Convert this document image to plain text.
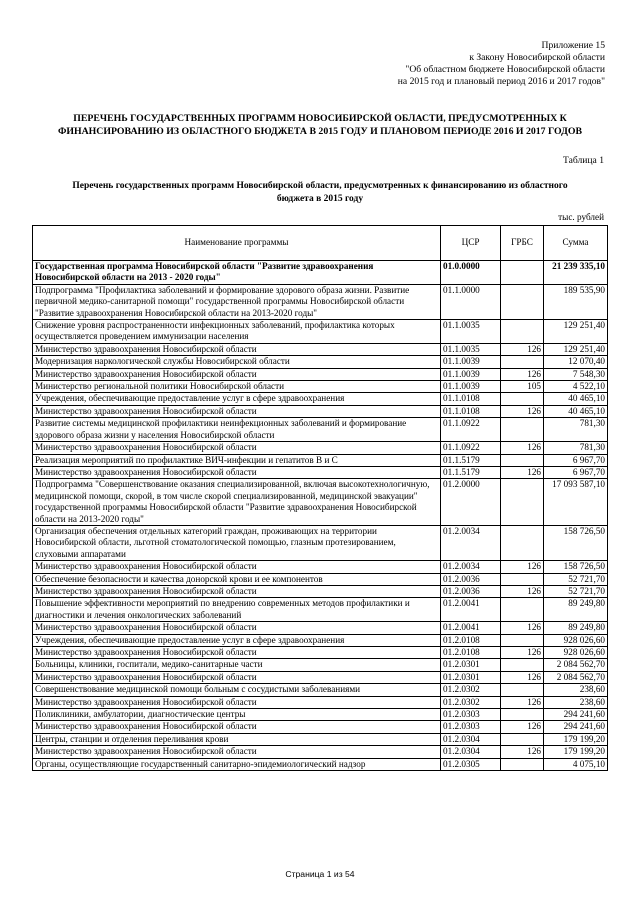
Приложение 15
к Закону Новосибирской области
"Об областном бюджете Новосибирской области
на 2015 год и плановый период 2016 и 2017 годов"
ПЕРЕЧЕНЬ ГОСУДАРСТВЕННЫХ ПРОГРАММ НОВОСИБИРСКОЙ ОБЛАСТИ, ПРЕДУСМОТРЕННЫХ К
ФИНАНСИРОВАНИЮ ИЗ ОБЛАСТНОГО БЮДЖЕТА В 2015 ГОДУ И ПЛАНОВОМ ПЕРИОДЕ 2016 И 2017 ГОДОВ
Таблица 1
Перечень государственных программ Новосибирской области, предусмотренных к финансированию из областного
бюджета в 2015 году
тыс. рублей
Наименование программы	ЦСР	ГРБС	Сумма
Государственная программа Новосибирской области "Развитие здравоохранения Новосибирской области на 2013 - 2020 годы"	01.0.0000		21 239 335,10
Подпрограмма "Профилактика заболеваний и формирование здорового образа жизни. Развитие первичной медико-санитарной помощи" государственной программы Новосибирской области "Развитие здравоохранения Новосибирской области на 2013-2020 годы"	01.1.0000		189 535,90
Снижение уровня распространенности инфекционных заболеваний, профилактика которых осуществляется проведением иммунизации населения	01.1.0035		129 251,40
Министерство здравоохранения Новосибирской области	01.1.0035	126	129 251,40
Модернизация наркологической службы Новосибирской области	01.1.0039		12 070,40
Министерство здравоохранения Новосибирской области	01.1.0039	126	7 548,30
Министерство региональной политики Новосибирской области	01.1.0039	105	4 522,10
Учреждения, обеспечивающие предоставление услуг в сфере здравоохранения	01.1.0108		40 465,10
Министерство здравоохранения Новосибирской области	01.1.0108	126	40 465,10
Развитие системы медицинской профилактики неинфекционных заболеваний и формирование здорового образа жизни у населения Новосибирской области	01.1.0922		781,30
Министерство здравоохранения Новосибирской области	01.1.0922	126	781,30
Реализация мероприятий по профилактике ВИЧ-инфекции и гепатитов В и С	01.1.5179		6 967,70
Министерство здравоохранения Новосибирской области	01.1.5179	126	6 967,70
Подпрограмма "Совершенствование оказания специализированной, включая высокотехнологичную, медицинской помощи, скорой, в том числе скорой специализированной, медицинской эвакуации" государственной программы Новосибирской области "Развитие здравоохранения Новосибирской области на 2013-2020 годы"	01.2.0000		17 093 587,10
Организация обеспечения отдельных категорий граждан, проживающих на территории Новосибирской области, льготной стоматологической помощью, глазным протезированием, слуховыми аппаратами	01.2.0034		158 726,50
Министерство здравоохранения Новосибирской области	01.2.0034	126	158 726,50
Обеспечение безопасности и качества донорской крови и ее компонентов	01.2.0036		52 721,70
Министерство здравоохранения Новосибирской области	01.2.0036	126	52 721,70
Повышение эффективности мероприятий по внедрению современных методов профилактики и диагностики и лечения онкологических заболеваний	01.2.0041		89 249,80
Министерство здравоохранения Новосибирской области	01.2.0041	126	89 249,80
Учреждения, обеспечивающие предоставление услуг в сфере здравоохранения	01.2.0108		928 026,60
Министерство здравоохранения Новосибирской области	01.2.0108	126	928 026,60
Больницы, клиники, госпитали, медико-санитарные части	01.2.0301		2 084 562,70
Министерство здравоохранения Новосибирской области	01.2.0301	126	2 084 562,70
Совершенствование медицинской помощи больным с сосудистыми заболеваниями	01.2.0302		238,60
Министерство здравоохранения Новосибирской области	01.2.0302	126	238,60
Поликлиники, амбулатории, диагностические центры	01.2.0303		294 241,60
Министерство здравоохранения Новосибирской области	01.2.0303	126	294 241,60
Центры, станции и отделения переливания крови	01.2.0304		179 199,20
Министерство здравоохранения Новосибирской области	01.2.0304	126	179 199,20
Органы, осуществляющие государственный санитарно-эпидемиологический надзор	01.2.0305		4 075,10
Страница 1 из 54
